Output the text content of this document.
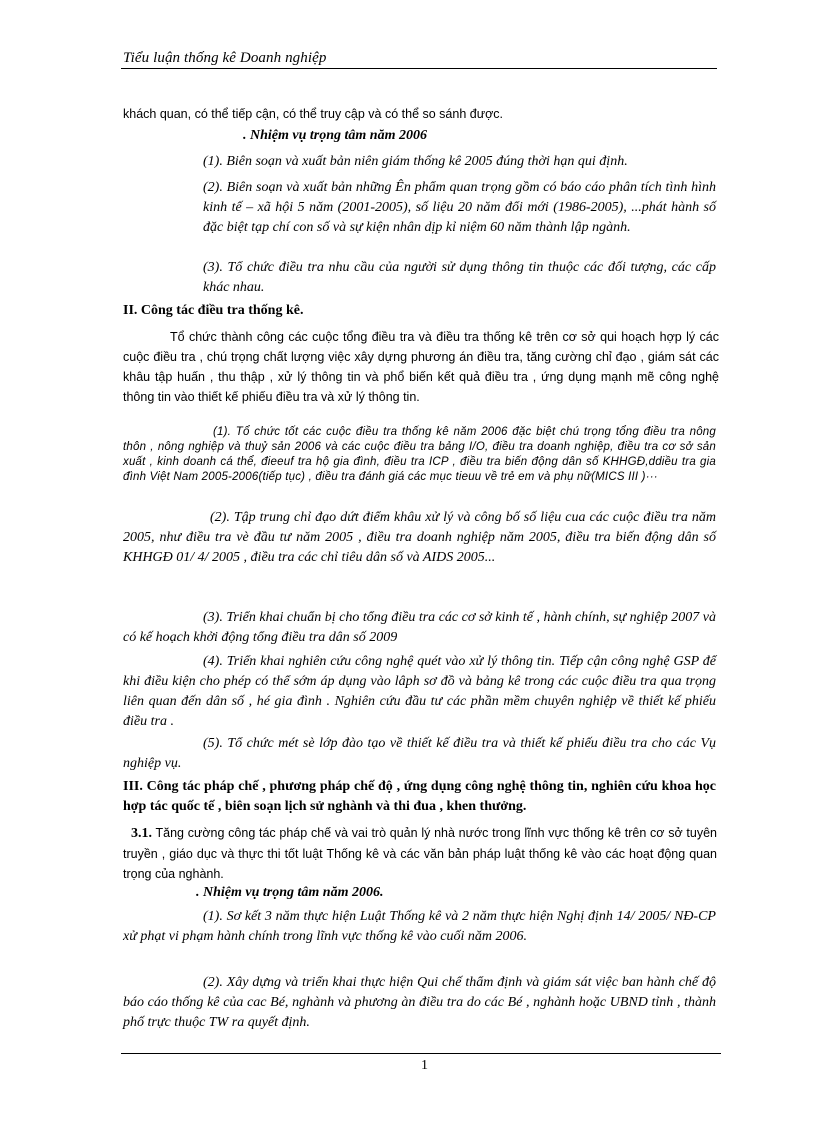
Tiểu luận thống kê Doanh nghiệp

khách quan, có thể tiếp cận, có thể truy cập và có thể so sánh được.

. Nhiệm vụ trọng tâm năm 2006

(1). Biên soạn và xuất bản niên giám thống kê 2005 đúng thời hạn qui định.

(2). Biên soạn và xuất bản những Ên phẩm quan trọng gồm có báo cáo phân tích tình hình kinh tế – xã hội 5 năm (2001-2005), số liệu 20 năm đổi mới (1986-2005), ...phát hành số đặc biệt tạp chí con số và sự kiện nhân dịp kỉ niệm 60 năm thành lập ngành.

(3). Tổ chức điều tra nhu cầu của người sử dụng thông tin thuộc các đối tượng, các cấp khác nhau.

II. Công tác điều tra thống kê.

Tổ chức thành công các cuộc tổng điều tra và điều tra thống kê trên cơ sở qui hoạch hợp lý các cuộc điều tra , chú trọng chất lượng việc xây dựng phương án điều tra, tăng cường chỉ đạo , giám sát các khâu tập huấn , thu thập , xử lý thông tin và phổ biến kết quả điều tra , ứng dụng mạnh mẽ công nghệ thông tin vào thiết kế phiếu điều tra và xử lý thông tin.

(1). Tổ chức tốt các cuộc điều tra thống kê năm 2006 đặc biệt chú trọng tổng điều tra nông thôn , nông nghiệp và thuỷ sản 2006 và các cuộc điều tra bảng I/O, điều tra doanh nghiệp, điều tra cơ sở sản xuất , kinh doanh cá thể, đieeuf tra hộ gia đình, điều tra ICP , điều tra biến động dân số KHHGĐ,ddiều tra gia đình Việt Nam 2005-2006(tiếp tục) , điều tra đánh giá các mục tieuu về trẻ em và phụ nữ(MICS III )···

(2). Tập trung chỉ đạo dứt điểm khâu xử lý và công bố số liệu cua các cuộc điều tra năm 2005, như điều tra vè đầu tư năm 2005 , điều tra doanh nghiệp năm 2005, điều tra biến động dân số KHHGĐ 01/ 4/ 2005 , điều tra các chỉ tiêu dân số và AIDS 2005...

(3). Triển khai chuẩn bị cho tổng điều tra các cơ sở kinh tế , hành chính, sự nghiệp 2007 và có kế hoạch khởi động tổng điều tra dân số 2009

(4). Triển khai nghiên cứu công nghệ quét vào xử lý thông tin. Tiếp cận công nghệ GSP để khi điều kiện cho phép có thể sớm áp dụng vào lâph sơ đồ và bảng kê trong các cuộc điều tra qua trọng liên quan đến dân số , hé gia đình . Nghiên cứu đầu tư các phần mềm chuyên nghiệp về thiết kế phiếu điều tra .

(5). Tổ chức mét sè lớp đào tạo về thiết kế điều tra và thiết kế phiếu điều tra cho các Vụ nghiệp vụ.

III. Công tác pháp chế , phương pháp chế độ , ứng dụng công nghệ thông tin, nghiên cứu khoa học hợp tác quốc tế , biên soạn lịch sử nghành và thi đua , khen thưởng.

3.1. Tăng cường công tác pháp chế và vai trò quản lý nhà nước trong lĩnh vực thống kê trên cơ sở tuyên truyền , giáo dục và thực thi tốt luật Thống kê và các văn bản pháp luật thống kê vào các hoạt động quan trọng của nghành.

. Nhiệm vụ trọng tâm năm 2006.

(1). Sơ kết 3 năm thực hiện Luật Thống kê và 2 năm thực hiện Nghị định 14/ 2005/ NĐ-CP xử phạt vi phạm hành chính trong lĩnh vực thống kê vào cuối năm 2006.

(2). Xây dựng và triển khai thực hiện Qui chế thẩm định và giám sát việc ban hành chế độ báo cáo thống kê của cac Bé, nghành và phương àn điều tra do các Bé , nghành hoặc UBND tỉnh , thành phố trực thuộc TW ra quyết định.

1
